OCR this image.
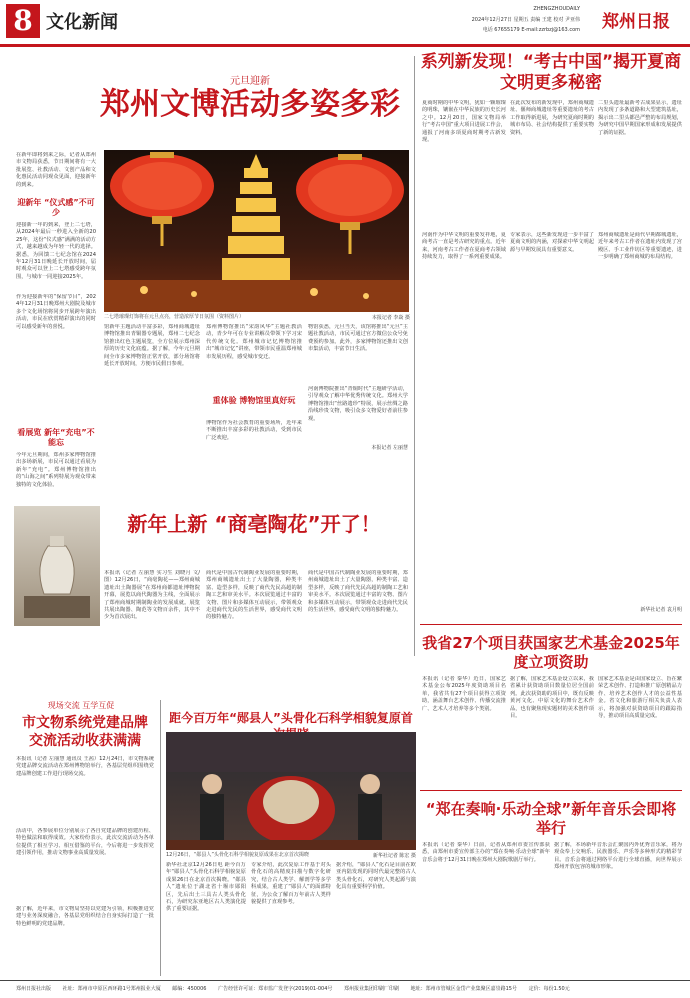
8 文化新闻
ZHENGZHOUDAILY
2024年12月27日 星期五 责编 王建 校对 尹亚伟
电话 67655179 E-mail:zzrbzj@163.com	郑州日报
元旦迎新
郑州文博活动多姿多彩
在新年即将到来之际，记者从郑州市文物局获悉，节日期间将有一大批展览、社教活动、文创产品和文化惠民活动同观众见面，迎接新年的到来。
迎新年 “仪式感”不可少
迎接新一年的到来，登上二七塔，从2024年最后一秒进入全新的2025年，这份“仪式感”满满的活动方式，越来越成为年轻一代的选择。据悉，为回馈二七纪念馆在2024年12月31日晚延长开放时间，届时观众可以登上二七塔感受跨年氛围，与城市一同迎接2025年。
作为迎接新年的“保留节目”，2024年12月31日晚郑州大剧院及城市多个文化场馆将同步开展跨年演出活动，市民在欣赏精彩演出的同时可以感受新年的喜悦。
看展览 新年“充电”不能忘
今年元旦期间，郑州多家博物馆推出多场新展，市民可以通过看展为新年“充电”。郑州博物馆推出的“山海之间”系列特展为观众带来独特的文化体验。
二七塔璀璨灯饰将在元旦点亮，营造浓厚节日氛围（资料图片）	本报记者 李焱 摄
馆新年主题活动丰富多彩，郑州商城遗址博物馆推出青铜器专题展，郑州二七纪念馆推出红色主题展览，全方位展示郑州深厚的历史文化底蕴。据了解，今年元旦期间全市多家博物馆正常开放，部分场馆将延长开放时间，方便市民假日参观。
郑州博物馆推出“宋韵风华”主题社教活动，青少年可在专业讲解员带领下学习宋代传统文化。郑州城市记忆博物馆推出“城市记忆”讲座，带领市民重温郑州城市发展历程，感受城市变迁。
重体验 博物馆里真好玩
博物馆作为社会教育的重要场所，近年来不断推出丰富多彩的社教活动，受到市民广泛欢迎。
物馆获悉，元旦当天，该馆将推出“元旦”主题社教活动，市民可通过官方微信公众号免费预约参加。此外，多家博物馆还推出文创市集活动，丰富节日生活。
河南博物院推出“青铜时代”主题研学活动，引导观众了解中华优秀传统文化。郑州大学博物馆推出“丝路遗珍”特展，展示丝绸之路沿线珍贵文物，吸引众多文物爱好者前往参观。
本报记者 左丽慧
新年上新 “商亳陶花”开了！
本报讯（记者 左丽慧 实习生 刘晓月 文/图）12月26日，“商亳陶花——郑州商城遗址出土陶器展”在郑州商都遗址博物院开幕，展览以商代陶器为主线，全面展示了郑州商城时期制陶业的发展成就。展览共展出陶器、陶范等文物百余件，其中不少为首次展出。
商代是中国古代制陶业发展的重要时期，郑州商城遗址出土了大量陶器，种类丰富、造型多样，反映了商代先民高超的制陶工艺和审美水平。本次展览通过丰富的文物、图片和多媒体互动展示，带领观众走进商代先民的生活世界，感受商代文明的独特魅力。
商代是中国古代制陶业发展的重要时期，郑州商城遗址出土了大量陶器，种类丰富、造型多样，反映了商代先民高超的制陶工艺和审美水平。本次展览通过丰富的文物、图片和多媒体互动展示，带领观众走进商代先民的生活世界，感受商代文明的独特魅力。
现场交流 互学互促
市文物系统党建品牌交流活动收获满满
本报讯（记者 左丽慧 通讯员 王茜）12月24日，市文物系统党建品牌交流活动在郑州博物馆举行，各基层党组织围绕党建品牌创建工作进行现场交流。
活动中，各参展单位分别展示了各自党建品牌的创建历程、特色做法和取得成效。大家纷纷表示，此次交流活动为各单位提供了相互学习、相互借鉴的平台，今后将进一步发挥党建引领作用，推动文物事业高质量发展。
据了解，近年来，市文物局坚持以党建为引领，积极推进党建与业务深度融合，各基层党组织结合自身实际打造了一批特色鲜明的党建品牌。
距今百万年“郧县人”头骨化石科学相貌复原首
12月26日，“郧县人”头骨化石科学相貌复原成果在北京首次揭晓	新华社记者 陈宏 摄
新华社北京12月26日电 距今百万年“郧县人”头骨化石科学相貌复原成果26日在北京首次揭晓。“郧县人”遗址位于湖北省十堰市郧阳区，先后出土三具古人类头骨化石，为研究东亚地区古人类演化提供了重要证据。
专家介绍，此次复原工作基于对头骨化石的高精度扫描与数字化研究，结合古人类学、解剖学等多学科成果，重建了“郧县人”的面部特征，为公众了解百万年前古人类样貌提供了直观参考。
据介绍，“郧县人”化石是目前在欧亚内陆发现的同时代最完整的古人类头骨化石，对研究人类起源与演化具有重要科学价值。
系列新发现！“考古中国”揭开夏商文明更多秘密
夏商时期的中华文明，犹如一颗璀璨的明珠，镶嵌在中华民族的历史长河之中。12月20日，国家文物局举行“考古中国”重大项目进展工作会，通报了河南多项夏商时期考古新发现。
在此次发布的新发现中，郑州商城遗址、偃师商城遗址等重要遗址的考古工作取得新进展，为研究夏商时期的城市布局、社会结构提供了重要实物资料。
二里头遗址最新考古成果显示，遗址内发现了多条道路和大型建筑基址，揭示出二里头都邑严整的布局规划，为研究中国早期国家形成和发展提供了新的证据。
河南作为中华文明的重要发祥地，夏商考古一直是考古研究的重点。近年来，河南考古工作者在夏商考古领域持续发力，取得了一系列重要成果。
专家表示，这些新发现进一步丰富了夏商文明的内涵，对探索中华文明起源与早期发展具有重要意义。
郑州商城遗址是商代早期都城遗址，近年来考古工作者在遗址内发现了宫殿区、手工业作坊区等重要遗迹，进一步明确了郑州商城的布局结构。
新华社记者 袁月明
我省27个项目获国家艺术基金2025年度立项资助
本报讯（记者 秦华）近日，国家艺术基金公布2025年度资助项目名单，我省共有27个项目获得立项资助，涵盖舞台艺术创作、传播交流推广、艺术人才培养等多个类别。
据了解，国家艺术基金设立以来，我省累计获资助项目数量位居全国前列。此次获资助的项目中，既有反映黄河文化、中原文化的舞台艺术作品，也有聚焦现实题材的美术创作项目。
国家艺术基金是由国家设立、旨在繁荣艺术创作、打造和推广原创精品力作、培养艺术创作人才的公益性基金。省文化和旅游厅相关负责人表示，将加强对获资助项目的跟踪指导，推动项目高质量完成。
“郑在奏响·乐动全球”新年音乐会即将举行
本报讯（记者 秦华）日前，记者从郑州市委宣传部获悉，由郑州市委宣传部主办的“郑在奏响·乐动全球”新年音乐会将于12月31日晚在郑州大剧院歌剧厅举行。
据了解，本场新年音乐会汇聚国内外优秀音乐家，将为观众奉上交响乐、民族器乐、声乐等多种形式的精彩节目。音乐会将通过网络平台进行全球直播，向世界展示郑州开放包容的城市形象。
郑州日报社出版 社址：郑州市中原区西环路1号郑州报业大厦 邮编：450006 广告经营许可证：郑市监广发登字(2019)01-004号 郑州报业集团印刷厂印刷 地址：郑州市管城区金岱产业集聚区嘉崇路15号 定价：每份1.50元
